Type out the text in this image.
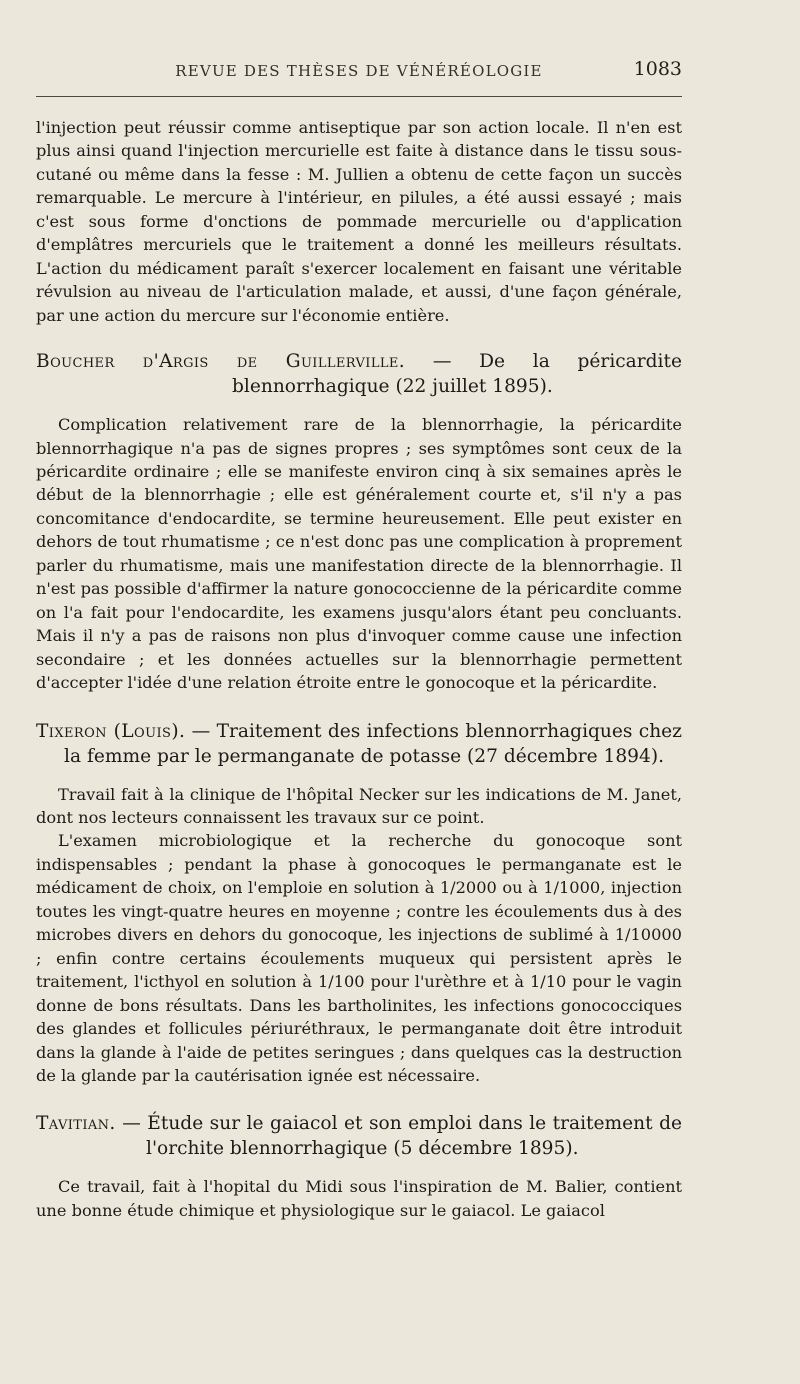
REVUE DES THÈSES DE VÉNÉRÉOLOGIE	1083

l'injection peut réussir comme antiseptique par son action locale. Il n'en est plus ainsi quand l'injection mercurielle est faite à distance dans le tissu sous-cutané ou même dans la fesse : M. Jullien a obtenu de cette façon un succès remarquable. Le mercure à l'intérieur, en pilules, a été aussi essayé ; mais c'est sous forme d'onctions de pommade mercurielle ou d'application d'emplâtres mercuriels que le traitement a donné les meilleurs résultats. L'action du médicament paraît s'exercer localement en faisant une véritable révulsion au niveau de l'articulation malade, et aussi, d'une façon générale, par une action du mercure sur l'économie entière.

Boucher d'Argis de Guillerville. — De la péricardite blennorrhagique (22 juillet 1895).

Complication relativement rare de la blennorrhagie, la péricardite blennorrhagique n'a pas de signes propres ; ses symptômes sont ceux de la péricardite ordinaire ; elle se manifeste environ cinq à six semaines après le début de la blennorrhagie ; elle est généralement courte et, s'il n'y a pas concomitance d'endocardite, se termine heureusement. Elle peut exister en dehors de tout rhumatisme ; ce n'est donc pas une complication à proprement parler du rhumatisme, mais une manifestation directe de la blennorrhagie. Il n'est pas possible d'affirmer la nature gonococcienne de la péricardite comme on l'a fait pour l'endocardite, les examens jusqu'alors étant peu concluants. Mais il n'y a pas de raisons non plus d'invoquer comme cause une infection secondaire ; et les données actuelles sur la blennorrhagie permettent d'accepter l'idée d'une relation étroite entre le gonocoque et la péricardite.

Tixeron (Louis). — Traitement des infections blennorrhagiques chez la femme par le permanganate de potasse (27 décembre 1894).

Travail fait à la clinique de l'hôpital Necker sur les indications de M. Janet, dont nos lecteurs connaissent les travaux sur ce point.

L'examen microbiologique et la recherche du gonocoque sont indispensables ; pendant la phase à gonocoques le permanganate est le médicament de choix, on l'emploie en solution à 1/2000 ou à 1/1000, injection toutes les vingt-quatre heures en moyenne ; contre les écoulements dus à des microbes divers en dehors du gonocoque, les injections de sublimé à 1/10000 ; enfin contre certains écoulements muqueux qui persistent après le traitement, l'icthyol en solution à 1/100 pour l'urèthre et à 1/10 pour le vagin donne de bons résultats. Dans les bartholinites, les infections gonococciques des glandes et follicules périuréthraux, le permanganate doit être introduit dans la glande à l'aide de petites seringues ; dans quelques cas la destruction de la glande par la cautérisation ignée est nécessaire.

Tavitian. — Étude sur le gaiacol et son emploi dans le traitement de l'orchite blennorrhagique (5 décembre 1895).

Ce travail, fait à l'hopital du Midi sous l'inspiration de M. Balier, contient une bonne étude chimique et physiologique sur le gaiacol. Le gaiacol
